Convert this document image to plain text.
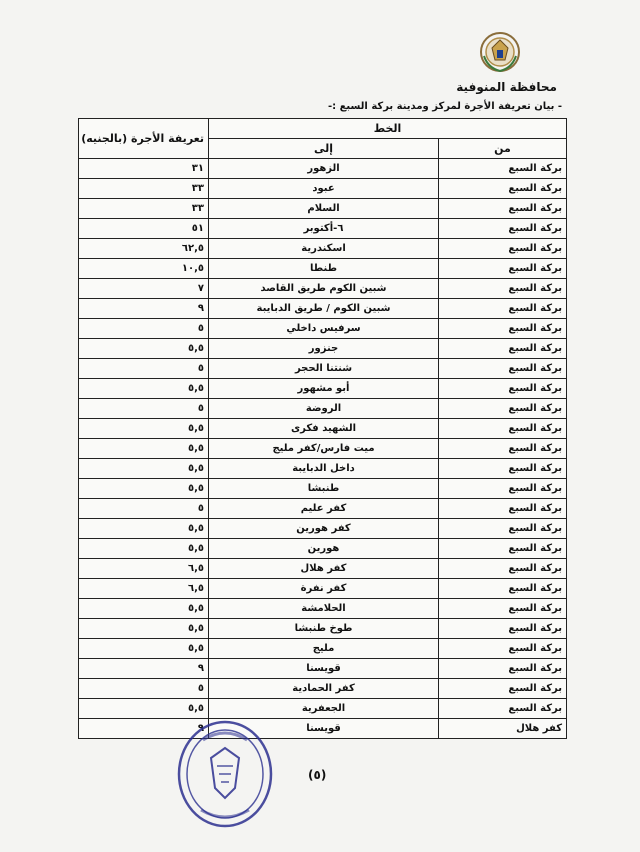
محافظة المنوفية
- بيان تعريفة الأجرة لمركز ومدينة بركة السبع :-
الخط		تعريفة الأجرة (بالجنيه)
من	إلى	
بركة السبع	الزهور	٣١
بركة السبع	عبود	٣٣
بركة السبع	السلام	٣٣
بركة السبع	٦-أكتوبر	٥١
بركة السبع	اسكندرية	٦٢,٥
بركة السبع	طنطا	١٠,٥
بركة السبع	شبين الكوم طريق القاصد	٧
بركة السبع	شبين الكوم / طريق الدبايبة	٩
بركة السبع	سرفيس داخلي	٥
بركة السبع	جنزور	٥,٥
بركة السبع	شنتنا الحجر	٥
بركة السبع	أبو مشهور	٥,٥
بركة السبع	الروضة	٥
بركة السبع	الشهيد فكرى	٥,٥
بركة السبع	ميت فارس/كفر مليج	٥,٥
بركة السبع	داخل الدبايبة	٥,٥
بركة السبع	طنبشا	٥,٥
بركة السبع	كفر عليم	٥
بركة السبع	كفر هورين	٥,٥
بركة السبع	هورين	٥,٥
بركة السبع	كفر هلال	٦,٥
بركة السبع	كفر نفرة	٦,٥
بركة السبع	الحلامشة	٥,٥
بركة السبع	طوخ طنبشا	٥,٥
بركة السبع	مليج	٥,٥
بركة السبع	قويسنا	٩
بركة السبع	كفر الحمادية	٥
بركة السبع	الجعفرية	٥,٥
كفر هلال	قويسنا	٩
(٥)
